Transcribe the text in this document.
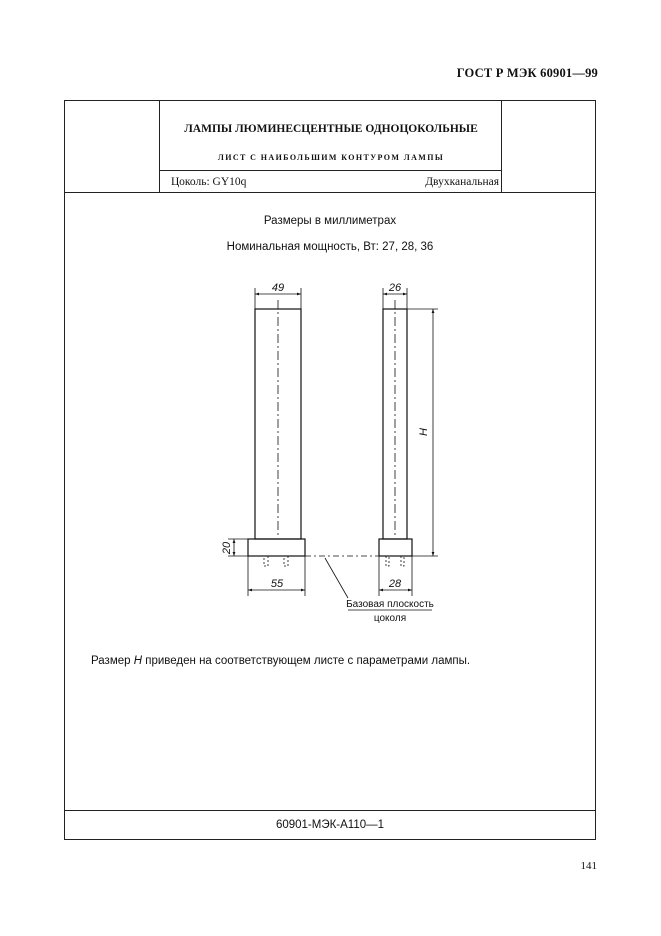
ГОСТ Р МЭК 60901—99
ЛАМПЫ ЛЮМИНЕСЦЕНТНЫЕ ОДНОЦОКОЛЬНЫЕ
ЛИСТ С НАИБОЛЬШИМ КОНТУРОМ ЛАМПЫ
Цоколь: GY10q	Двухканальная
Размеры в миллиметрах
Номинальная мощность, Вт: 27, 28, 36
Размер H приведен на соответствующем листе с параметрами лампы.
60901-МЭК-А110—1
49	26
H
20
55	28
Базовая плоскость
цоколя
141
